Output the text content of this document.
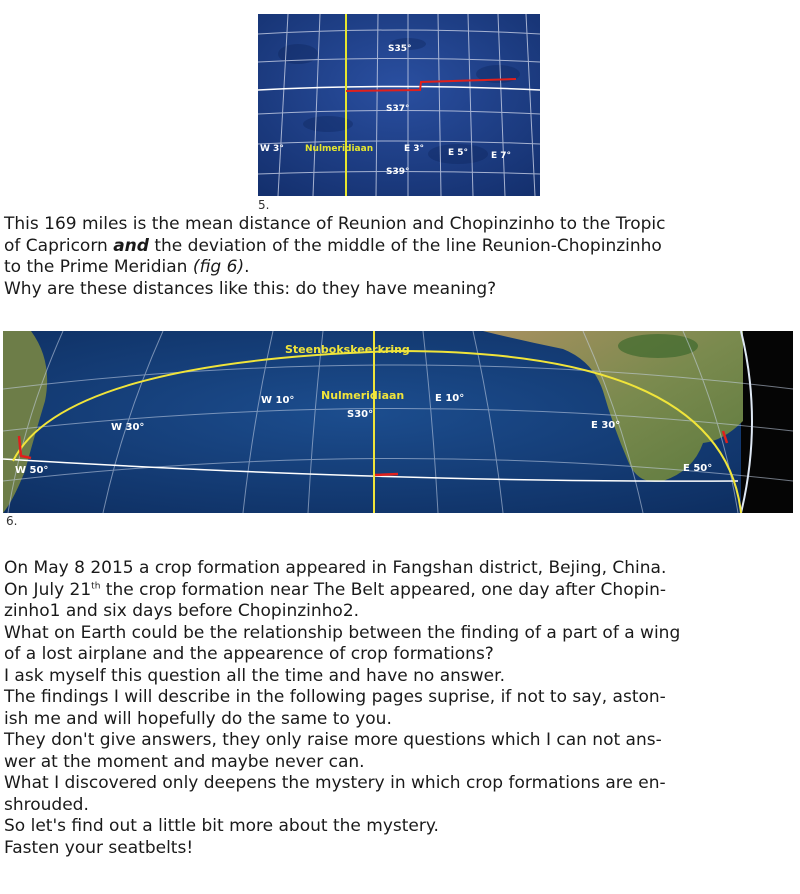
S35°
S37°
S39°
W 3°	E 3°	E 5°	E 7°
Nulmeridiaan
5.

This 169 miles is the mean distance of Reunion and Chopinzinho to the Tropic

of Capricorn and the deviation of the middle of the line Reunion-Chopinzinho

to the Prime Meridian (fig 6).

Why are these distances like this: do they have meaning?

Steenbokskeerkring
Nulmeridiaan
W 10°	E 10°
S30°
W 30°	E 30°
W 50°	E 50°
6.

On May 8 2015 a crop formation appeared in Fangshan district, Bejing, China.

On July 21th the crop formation near The Belt appeared, one day after Chopin-

zinho1 and six days before Chopinzinho2.

What on Earth could be the relationship between the finding of a part of a wing

of a lost airplane and the appearence of crop formations?

I ask myself this question all the time and have no answer.

The findings I will describe in the following pages suprise, if not to say, aston-

ish me and will hopefully do the same to you.

They don't give answers, they only raise more questions which I can not ans-

wer at the moment and maybe never can.

What I discovered only deepens the mystery in which crop formations are en-

shrouded.

So let's find out a little bit more about the mystery.

Fasten your seatbelts!
